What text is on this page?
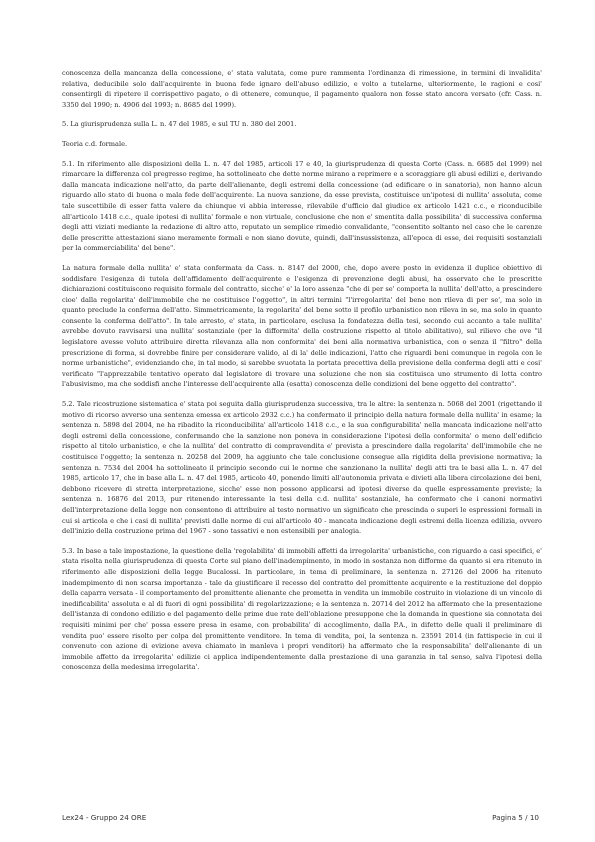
conoscenza della mancanza della concessione, e' stata valutata, come pure rammenta l'ordinanza di rimessione, in termini di invalidita' relativa, deducibile solo dall'acquirente in buona fede ignaro dell'abuso edilizio, e volto a tutelarne, ulteriormente, le ragioni e cosi' consentirgli di ripetere il corrispettivo pagato, o di ottenere, comunque, il pagamento qualora non fosse stato ancora versato (cfr. Cass. n. 3350 del 1990; n. 4906 del 1993; n. 8685 del 1999).

5. La giurisprudenza sulla L. n. 47 del 1985, e sul TU n. 380 del 2001.

Teoria c.d. formale.

5.1. In riferimento alle disposizioni della L. n. 47 del 1985, articoli 17 e 40, la giurisprudenza di questa Corte (Cass. n. 6685 del 1999) nel rimarcare la differenza col pregresso regime, ha sottolineato che dette norme mirano a reprimere e a scoraggiare gli abusi edilizi e, derivando dalla mancata indicazione nell'atto, da parte dell'alienante, degli estremi della concessione (ad edificare o in sanatoria), non hanno alcun riguardo allo stato di buona o mala fede dell'acquirente. La nuova sanzione, da esse prevista, costituisce un'ipotesi di nullita' assoluta, come tale suscettibile di esser fatta valere da chiunque vi abbia interesse, rilevabile d'ufficio dal giudice ex articolo 1421 c.c., e riconducibile all'articolo 1418 c.c., quale ipotesi di nullita' formale e non virtuale, conclusione che non e' smentita dalla possibilita' di successiva conferma degli atti viziati mediante la redazione di altro atto, reputato un semplice rimedio convalidante, "consentito soltanto nel caso che le carenze delle prescritte attestazioni siano meramente formali e non siano dovute, quindi, dall'insussistenza, all'epoca di esse, dei requisiti sostanziali per la commerciabilita' del bene".

La natura formale della nullita' e' stata confermata da Cass. n. 8147 del 2000, che, dopo avere posto in evidenza il duplice obiettivo di soddisfare l'esigenza di tutela dell'affidamento dell'acquirente e l'esigenza di prevenzione degli abusi, ha osservato che le prescritte dichiarazioni costituiscono requisito formale del contratto, sicche' e' la loro assenza "che di per se' comporta la nullita' dell'atto, a prescindere cioe' dalla regolarita' dell'immobile che ne costituisce l'oggetto", in altri termini "l'irregolarita' del bene non rileva di per se', ma solo in quanto preclude la conferma dell'atto. Simmetricamente, la regolarita' del bene sotto il profilo urbanistico non rileva in se, ma solo in quanto consente la conferma dell'atto". In tale arresto, e' stata, in particolare, esclusa la fondatezza della tesi, secondo cui accanto a tale nullita' avrebbe dovuto ravvisarsi una nullita' sostanziale (per la difformita' della costruzione rispetto al titolo abilitativo), sul rilievo che ove "il legislatore avesse voluto attribuire diretta rilevanza alla non conformita' dei beni alla normativa urbanistica, con o senza il "filtro" della prescrizione di forma, si dovrebbe finire per considerare valido, al di la' delle indicazioni, l'atto che riguardi beni comunque in regola con le norme urbanistiche", evidenziando che, in tal modo, si sarebbe svuotata la portata precettiva della previsione della conferma degli atti e cosi' verificato "l'apprezzabile tentativo operato dal legislatore di trovare una soluzione che non sia costituisca uno strumento di lotta contro l'abusivismo, ma che soddisfi anche l'interesse dell'acquirente alla (esatta) conoscenza delle condizioni del bene oggetto del contratto".

5.2. Tale ricostruzione sistematica e' stata poi seguita dalla giurisprudenza successiva, tra le altre: la sentenza n. 5068 del 2001 (rigettando il motivo di ricorso avverso una sentenza emessa ex articolo 2932 c.c.) ha confermato il principio della natura formale della nullita' in esame; la sentenza n. 5898 del 2004, ne ha ribadito la riconducibilita' all'articolo 1418 c.c., e la sua configurabilita' nella mancata indicazione nell'atto degli estremi della concessione, confermando che la sanzione non poneva in considerazione l'ipotesi della conformita' o meno dell'edificio rispetto al titolo urbanistico, e che la nullita' del contratto di compravendita e' prevista a prescindere dalla regolarita' dell'immobile che ne costituisce l'oggetto; la sentenza n. 20258 del 2009, ha aggiunto che tale conclusione consegue alla rigidita della previsione normativa; la sentenza n. 7534 del 2004 ha sottolineato il principio secondo cui le norme che sanzionano la nullita' degli atti tra le basi alla L. n. 47 del 1985, articolo 17, che in base alla L. n. 47 del 1985, articolo 40, ponendo limiti all'autonomia privata e divieti alla libera circolazione dei beni, debbono ricevere di stretta interpretazione, sicche' esse non possono applicarsi ad ipotesi diverse da quelle espressamente previste; la sentenza n. 16876 del 2013, pur ritenendo interessante la tesi della c.d. nullita' sostanziale, ha confermato che i canoni normativi dell'interpretazione della legge non consentono di attribuire al testo normativo un significato che prescinda o superi le espressioni formali in cui si articola e che i casi di nullita' previsti dalle norme di cui all'articolo 40 - mancata indicazione degli estremi della licenza edilizia, ovvero dell'inizio della costruzione prima del 1967 - sono tassativi e non estensibili per analogia.

5.3. In base a tale impostazione, la questione della 'regolabilita' di immobili affetti da irregolarita' urbanistiche, con riguardo a casi specifici, e' stata risolta nella giurisprudenza di questa Corte sul piano dell'inadempimento, in modo in sostanza non difforme da quanto si era ritenuto in riferimento alle disposizioni della legge Bucalossi. In particolare, in tema di preliminare, la sentenza n. 27126 del 2006 ha ritenuto inadempimento di non scarsa importanza - tale da giustificare il recesso del contratto del promittente acquirente e la restituzione del doppio della caparra versata - il comportamento del promittente alienante che prometta in vendita un immobile costruito in violazione di un vincolo di inedificabilita' assoluta e al di fuori di ogni possibilita' di regolarizzazione; e la sentenza n. 20714 del 2012 ha affermato che la presentazione dell'istanza di condono edilizio e del pagamento delle prime due rate dell'oblazione presuppone che la domanda in questione sia connotata dei requisiti minimi per che' possa essere presa in esame, con probabilita' di accoglimento, dalla P.A., in difetto delle quali il preliminare di vendita puo' essere risolto per colpa del promittente venditore. In tema di vendita, poi, la sentenza n. 23591 2014 (in fattispecie in cui il convenuto con azione di evizione aveva chiamato in manleva i propri venditori) ha affermato che la responsabilita' dell'alienante di un immobile affetto da irregolarita' edilizie ci applica indipendentemente dalla prestazione di una garanzia in tal senso, salva l'ipotesi della conoscenza della medesima irregolarita'.

Lex24 - Gruppo 24 ORE	Pagina 5 / 10
